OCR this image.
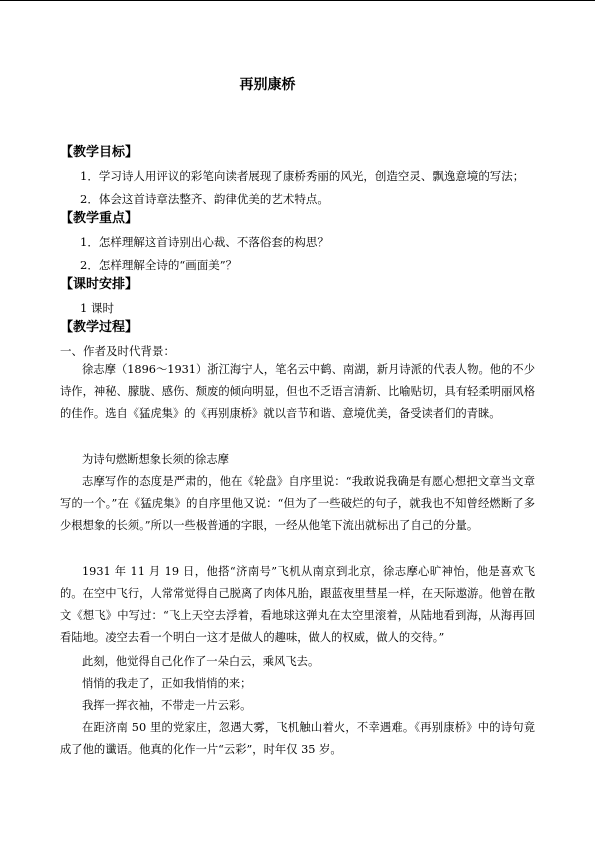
再别康桥
【教学目标】
1．学习诗人用评议的彩笔向读者展现了康桥秀丽的风光，创造空灵、飘逸意境的写法；
2．体会这首诗章法整齐、韵律优美的艺术特点。
【教学重点】
1．怎样理解这首诗别出心裁、不落俗套的构思？
2．怎样理解全诗的“画面美”？
【课时安排】
1 课时
【教学过程】
一、作者及时代背景：
徐志摩（1896～1931）浙江海宁人，笔名云中鹤、南湖，新月诗派的代表人物。他的不少诗作，神秘、朦胧、感伤、颓废的倾向明显，但也不乏语言清新、比喻贴切，具有轻柔明丽风格的佳作。选自《猛虎集》的《再别康桥》就以音节和谐、意境优美，备受读者们的青睐。
为诗句燃断想象长须的徐志摩
志摩写作的态度是严肃的，他在《轮盘》自序里说：“我敢说我确是有愿心想把文章当文章写的一个。”在《猛虎集》的自序里他又说：“但为了一些破烂的句子，就我也不知曾经燃断了多少根想象的长须。”所以一些极普通的字眼，一经从他笔下流出就标出了自己的分量。
1931 年 11 月 19 日，他搭“济南号”飞机从南京到北京，徐志摩心旷神怡，他是喜欢飞的。在空中飞行，人常常觉得自己脱离了肉体凡胎，跟蓝夜里彗星一样，在天际遨游。他曾在散文《想飞》中写过：“飞上天空去浮着，看地球这弹丸在太空里滚着，从陆地看到海，从海再回看陆地。凌空去看一个明白一这才是做人的趣味，做人的权威，做人的交待。”
此刻，他觉得自己化作了一朵白云，乘风飞去。
悄悄的我走了，正如我悄悄的来；
我挥一挥衣袖，不带走一片云彩。
在距济南 50 里的党家庄，忽遇大雾，飞机触山着火，不幸遇难。《再别康桥》中的诗句竟成了他的谶语。他真的化作一片“云彩”，时年仅 35 岁。
